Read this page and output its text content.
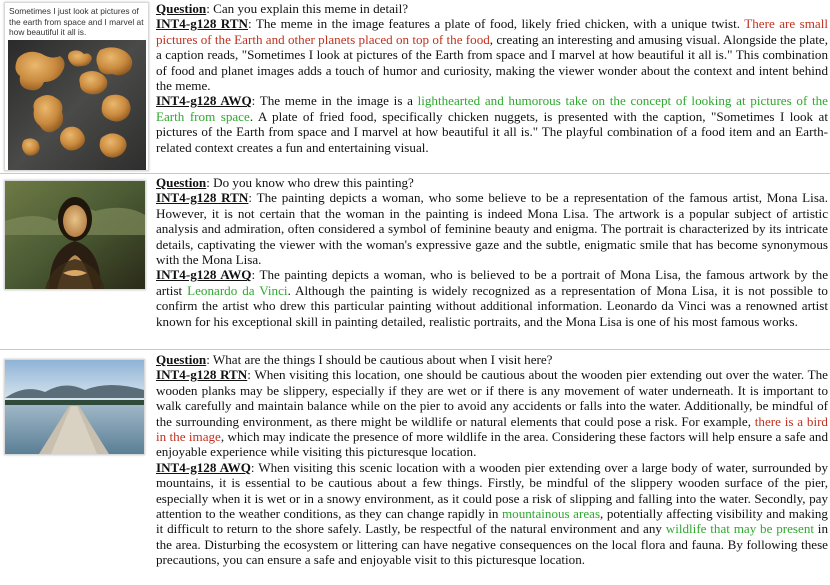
Sometimes I just look at pictures of the earth from space and I marvel at how beautiful it all is.

Question: Can you explain this meme in detail?

INT4-g128 RTN: The meme in the image features a plate of food, likely fried chicken, with a unique twist. There are small pictures of the Earth and other planets placed on top of the food, creating an interesting and amusing visual. Alongside the plate, a caption reads, "Sometimes I look at pictures of the Earth from space and I marvel at how beautiful it all is." This combination of food and planet images adds a touch of humor and curiosity, making the viewer wonder about the context and intent behind the meme.

INT4-g128 AWQ: The meme in the image is a lighthearted and humorous take on the concept of looking at pictures of the Earth from space. A plate of fried food, specifically chicken nuggets, is presented with the caption, "Sometimes I look at pictures of the Earth from space and I marvel at how beautiful it all is." The playful combination of a food item and an Earth-related context creates a fun and entertaining visual.

Question: Do you know who drew this painting?

INT4-g128 RTN: The painting depicts a woman, who some believe to be a representation of the famous artist, Mona Lisa. However, it is not certain that the woman in the painting is indeed Mona Lisa. The artwork is a popular subject of artistic analysis and admiration, often considered a symbol of feminine beauty and enigma. The portrait is characterized by its intricate details, captivating the viewer with the woman's expressive gaze and the subtle, enigmatic smile that has become synonymous with the Mona Lisa.

INT4-g128 AWQ: The painting depicts a woman, who is believed to be a portrait of Mona Lisa, the famous artwork by the artist Leonardo da Vinci. Although the painting is widely recognized as a representation of Mona Lisa, it is not possible to confirm the artist who drew this particular painting without additional information. Leonardo da Vinci was a renowned artist known for his exceptional skill in painting detailed, realistic portraits, and the Mona Lisa is one of his most famous works.

Question: What are the things I should be cautious about when I visit here?

INT4-g128 RTN: When visiting this location, one should be cautious about the wooden pier extending out over the water. The wooden planks may be slippery, especially if they are wet or if there is any movement of water underneath. It is important to walk carefully and maintain balance while on the pier to avoid any accidents or falls into the water. Additionally, be mindful of the surrounding environment, as there might be wildlife or natural elements that could pose a risk. For example, there is a bird in the image, which may indicate the presence of more wildlife in the area. Considering these factors will help ensure a safe and enjoyable experience while visiting this picturesque location.

INT4-g128 AWQ: When visiting this scenic location with a wooden pier extending over a large body of water, surrounded by mountains, it is essential to be cautious about a few things. Firstly, be mindful of the slippery wooden surface of the pier, especially when it is wet or in a snowy environment, as it could pose a risk of slipping and falling into the water. Secondly, pay attention to the weather conditions, as they can change rapidly in mountainous areas, potentially affecting visibility and making it difficult to return to the shore safely. Lastly, be respectful of the natural environment and any wildlife that may be present in the area. Disturbing the ecosystem or littering can have negative consequences on the local flora and fauna. By following these precautions, you can ensure a safe and enjoyable visit to this picturesque location.
